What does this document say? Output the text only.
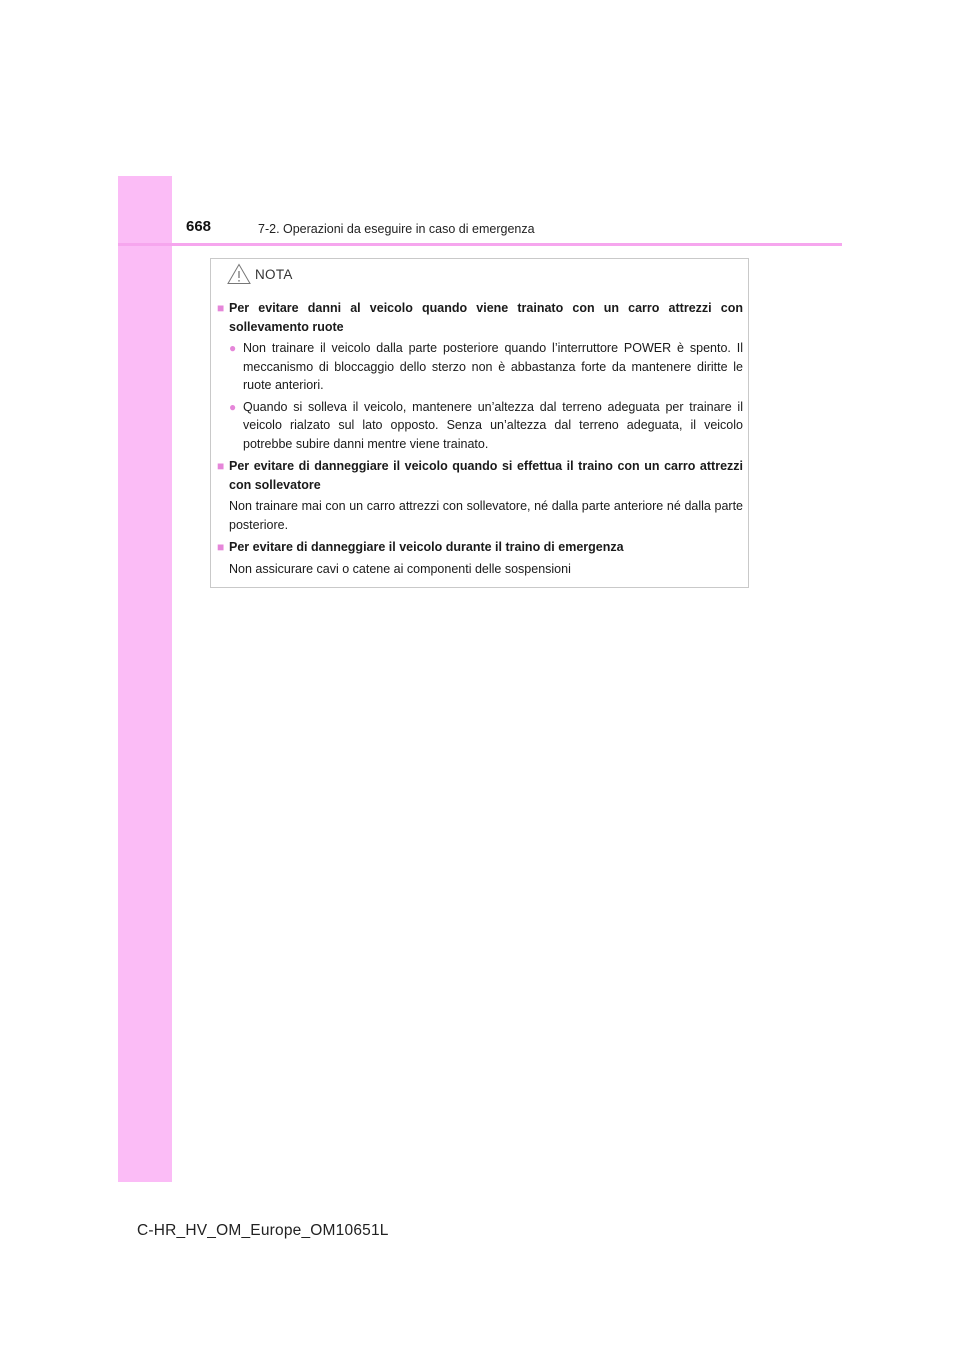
668	7-2. Operazioni da eseguire in caso di emergenza
NOTA
■ Per evitare danni al veicolo quando viene trainato con un carro attrezzi con sollevamento ruote
● Non trainare il veicolo dalla parte posteriore quando l’interruttore POWER è spento. Il meccanismo di bloccaggio dello sterzo non è abbastanza forte da mantenere diritte le ruote anteriori.
● Quando si solleva il veicolo, mantenere un’altezza dal terreno adeguata per trainare il veicolo rialzato sul lato opposto. Senza un’altezza dal terreno adeguata, il veicolo potrebbe subire danni mentre viene trainato.
■ Per evitare di danneggiare il veicolo quando si effettua il traino con un carro attrezzi con sollevatore
Non trainare mai con un carro attrezzi con sollevatore, né dalla parte anteriore né dalla parte posteriore.
■ Per evitare di danneggiare il veicolo durante il traino di emergenza
Non assicurare cavi o catene ai componenti delle sospensioni
C-HR_HV_OM_Europe_OM10651L
